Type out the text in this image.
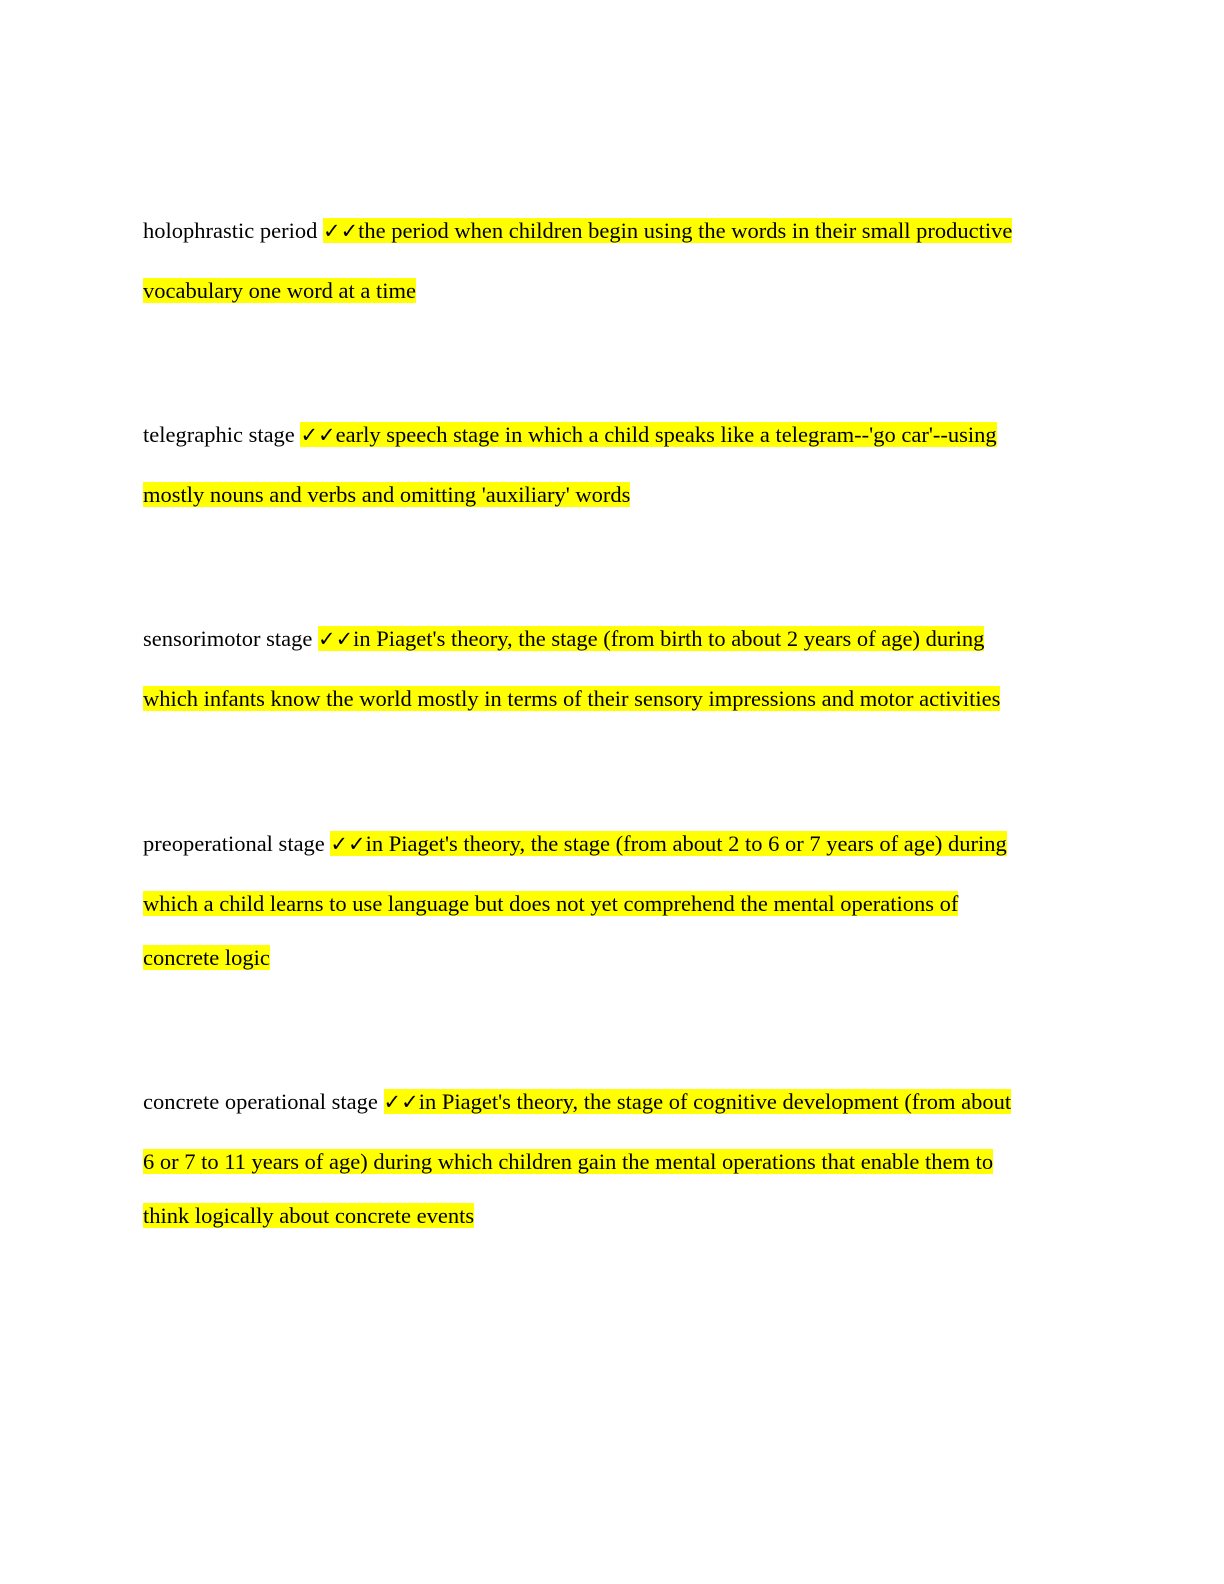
holophrastic period ✓✓the period when children begin using the words in their small productive
vocabulary one word at a time
telegraphic stage ✓✓early speech stage in which a child speaks like a telegram--'go car'--using
mostly nouns and verbs and omitting 'auxiliary' words
sensorimotor stage ✓✓in Piaget's theory, the stage (from birth to about 2 years of age) during
which infants know the world mostly in terms of their sensory impressions and motor activities
preoperational stage ✓✓in Piaget's theory, the stage (from about 2 to 6 or 7 years of age) during
which a child learns to use language but does not yet comprehend the mental operations of
concrete logic
concrete operational stage ✓✓in Piaget's theory, the stage of cognitive development (from about
6 or 7 to 11 years of age) during which children gain the mental operations that enable them to
think logically about concrete events
